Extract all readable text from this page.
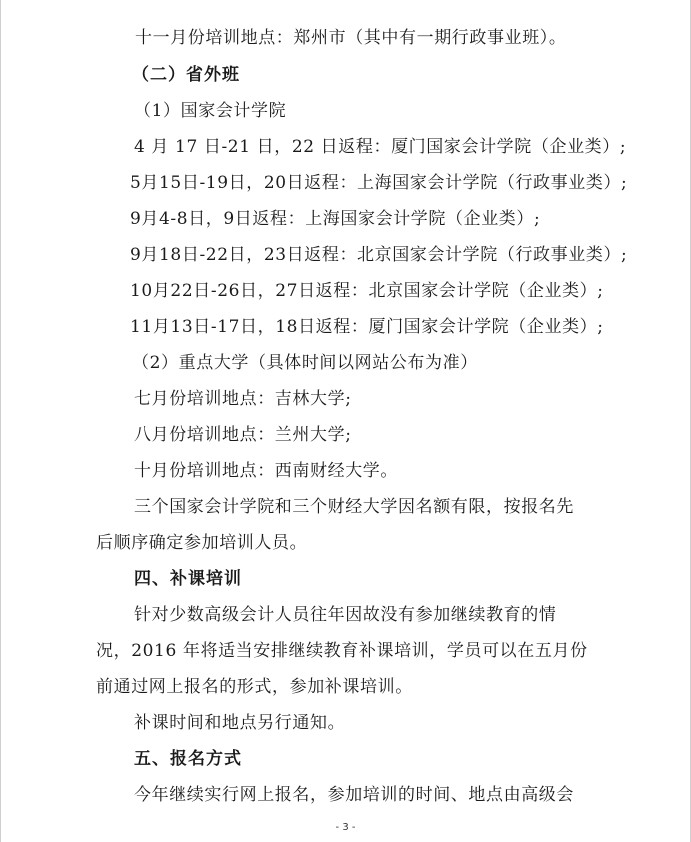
十一月份培训地点：郑州市（其中有一期行政事业班）。
（二）省外班
（1）国家会计学院
4 月 17 日-21 日，22 日返程：厦门国家会计学院（企业类）;
5月15日-19日，20日返程：上海国家会计学院（行政事业类）;
9月4-8日，9日返程：上海国家会计学院（企业类）;
9月18日-22日，23日返程：北京国家会计学院（行政事业类）;
10月22日-26日，27日返程：北京国家会计学院（企业类）;
11月13日-17日，18日返程：厦门国家会计学院（企业类）;
（2）重点大学（具体时间以网站公布为准）
七月份培训地点：吉林大学;
八月份培训地点：兰州大学;
十月份培训地点：西南财经大学。
三个国家会计学院和三个财经大学因名额有限，按报名先
后顺序确定参加培训人员。
四、补课培训
针对少数高级会计人员往年因故没有参加继续教育的情
况，2016 年将适当安排继续教育补课培训，学员可以在五月份
前通过网上报名的形式，参加补课培训。
补课时间和地点另行通知。
五、报名方式
今年继续实行网上报名，参加培训的时间、地点由高级会
- 3 -
